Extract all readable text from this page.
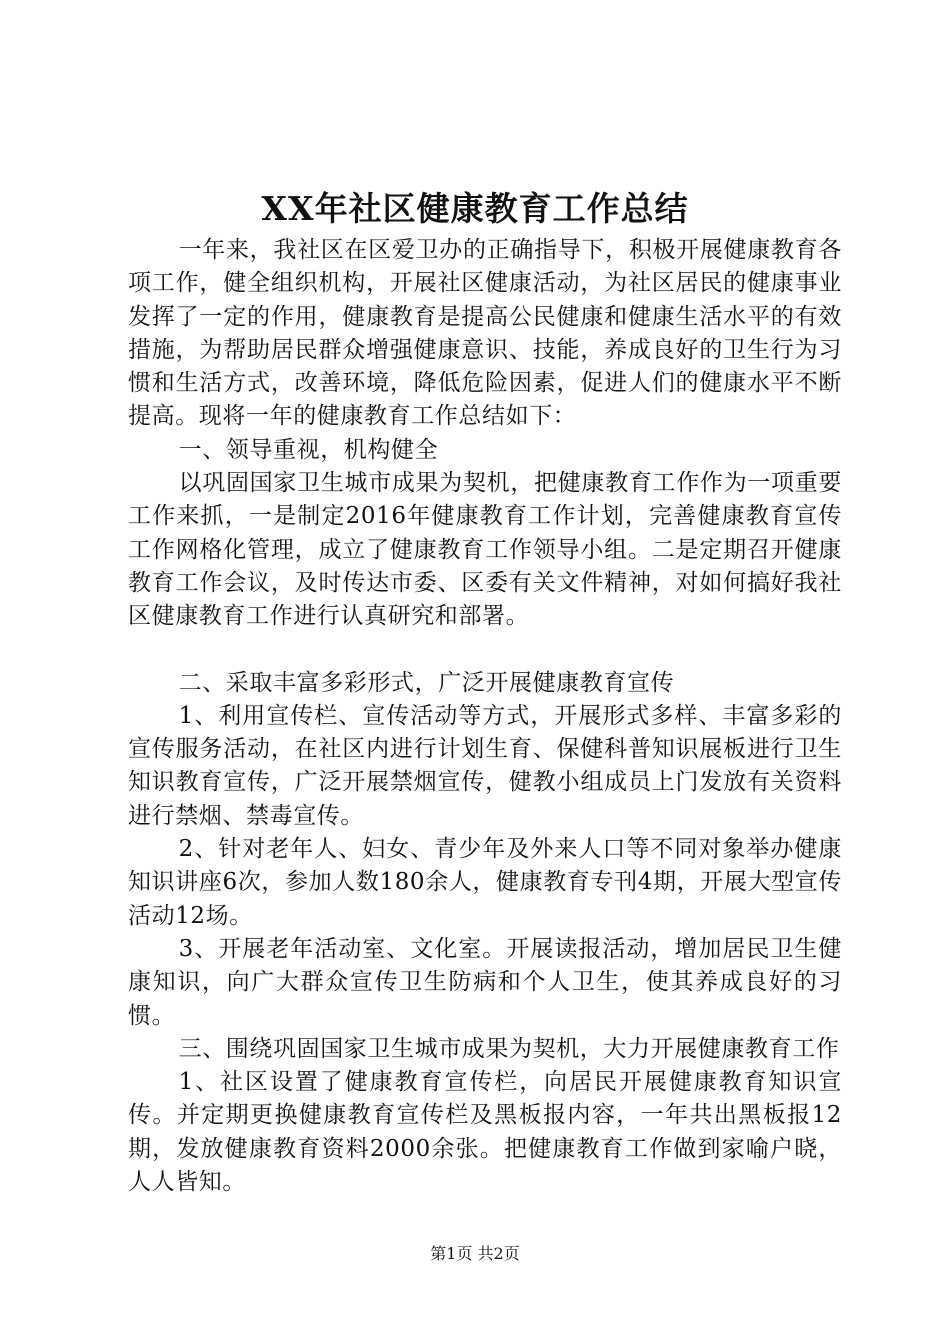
XX年社区健康教育工作总结

一年来，我社区在区爱卫办的正确指导下，积极开展健康教育各项工作，健全组织机构，开展社区健康活动，为社区居民的健康事业发挥了一定的作用，健康教育是提高公民健康和健康生活水平的有效措施，为帮助居民群众增强健康意识、技能，养成良好的卫生行为习惯和生活方式，改善环境，降低危险因素，促进人们的健康水平不断提高。现将一年的健康教育工作总结如下：

一、领导重视，机构健全

以巩固国家卫生城市成果为契机，把健康教育工作作为一项重要工作来抓，一是制定2016年健康教育工作计划，完善健康教育宣传工作网格化管理，成立了健康教育工作领导小组。二是定期召开健康教育工作会议，及时传达市委、区委有关文件精神，对如何搞好我社区健康教育工作进行认真研究和部署。

二、采取丰富多彩形式，广泛开展健康教育宣传

1、利用宣传栏、宣传活动等方式，开展形式多样、丰富多彩的宣传服务活动，在社区内进行计划生育、保健科普知识展板进行卫生知识教育宣传，广泛开展禁烟宣传，健教小组成员上门发放有关资料进行禁烟、禁毒宣传。

2、针对老年人、妇女、青少年及外来人口等不同对象举办健康知识讲座6次，参加人数180余人，健康教育专刊4期，开展大型宣传活动12场。

3、开展老年活动室、文化室。开展读报活动，增加居民卫生健康知识，向广大群众宣传卫生防病和个人卫生，使其养成良好的习惯。

三、围绕巩固国家卫生城市成果为契机，大力开展健康教育工作

1、社区设置了健康教育宣传栏，向居民开展健康教育知识宣传。并定期更换健康教育宣传栏及黑板报内容，一年共出黑板报12期，发放健康教育资料2000余张。把健康教育工作做到家喻户晓，人人皆知。

第1页 共2页
